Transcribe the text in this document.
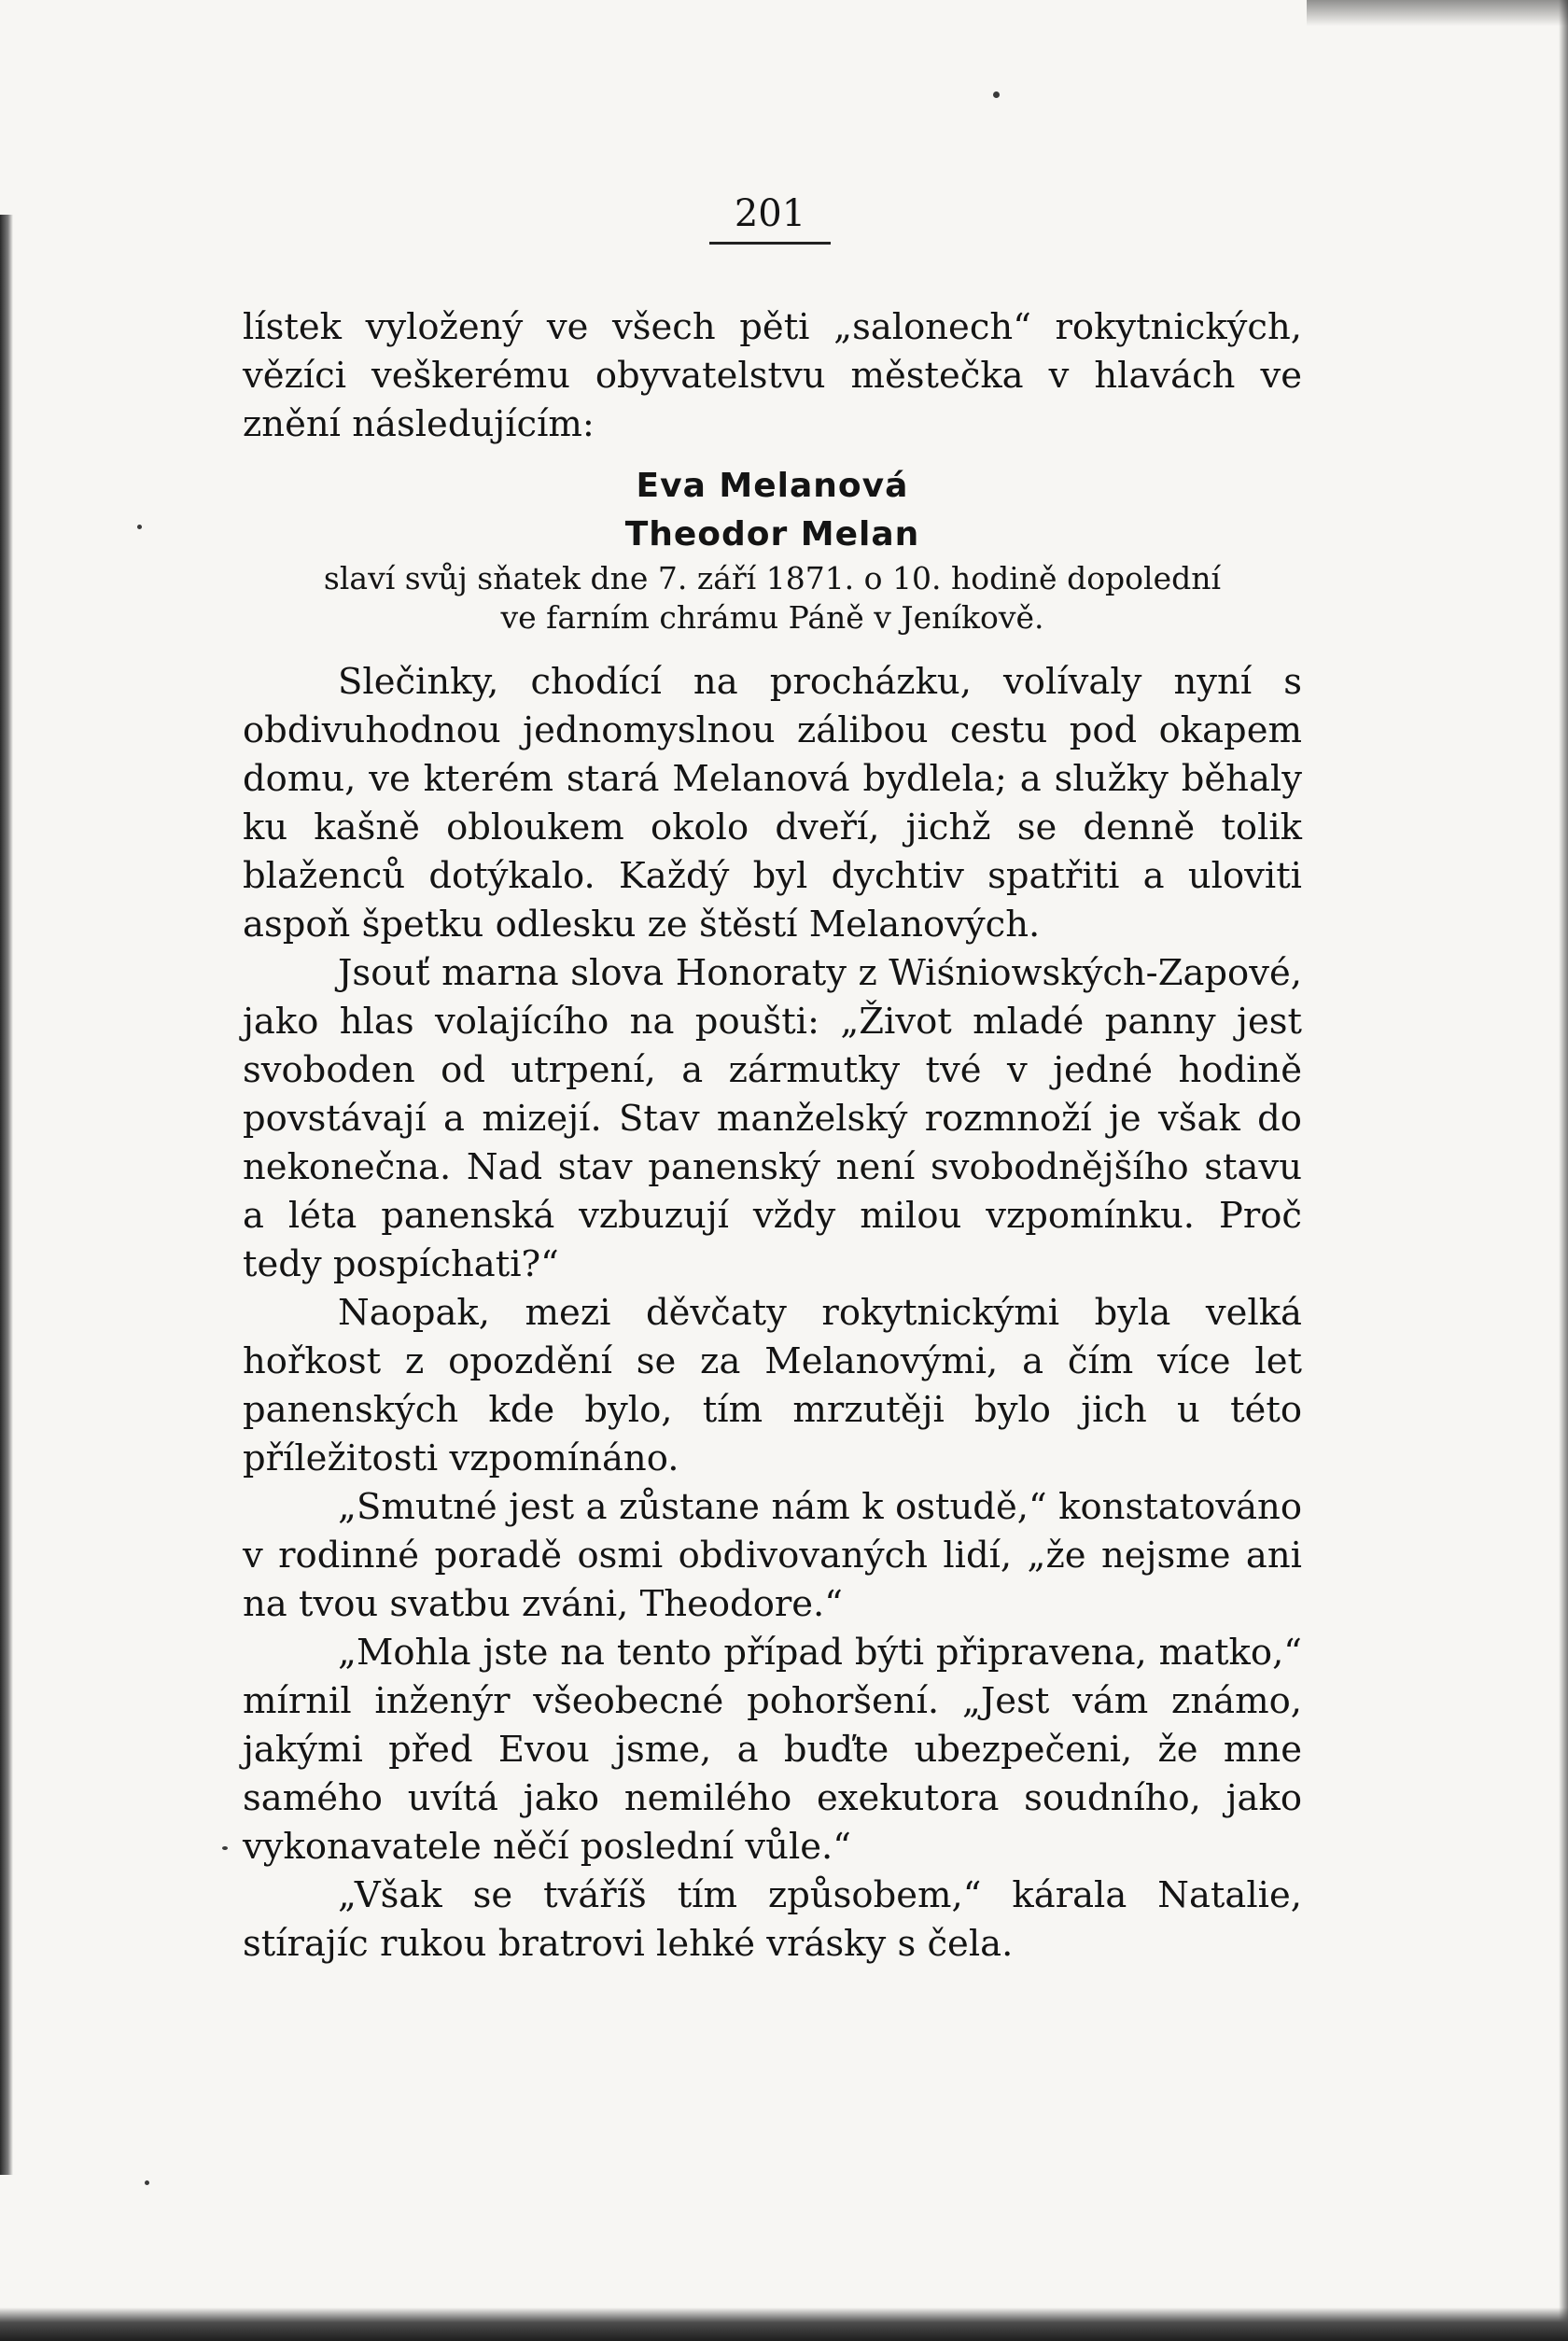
201

lístek vyložený ve všech pěti „salonech“ rokytnických, vězíci veškerému obyvatelstvu městečka v hlavách ve znění následujícím:

Eva Melanová

Theodor Melan

slaví svůj sňatek dne 7. září 1871. o 10. hodině dopolední

ve farním chrámu Páně v Jeníkově.

Slečinky, chodící na procházku, volívaly nyní s obdivuhodnou jednomyslnou zálibou cestu pod okapem domu, ve kterém stará Melanová bydlela; a služky běhaly ku kašně obloukem okolo dveří, jichž se denně tolik blaženců dotýkalo. Každý byl dychtiv spatřiti a uloviti aspoň špetku odlesku ze štěstí Melanových.

Jsouť marna slova Honoraty z Wiśniowských-Zapové, jako hlas volajícího na poušti: „Život mladé panny jest svoboden od utrpení, a zármutky tvé v jedné hodině povstávají a mizejí. Stav manželský rozmnoží je však do nekonečna. Nad stav panenský není svobodnějšího stavu a léta panenská vzbuzují vždy milou vzpomínku. Proč tedy pospíchati?“

Naopak, mezi děvčaty rokytnickými byla velká hořkost z opozdění se za Melanovými, a čím více let panenských kde bylo, tím mrzutěji bylo jich u této příležitosti vzpomínáno.

„Smutné jest a zůstane nám k ostudě,“ konstatováno v rodinné poradě osmi obdivovaných lidí, „že nejsme ani na tvou svatbu zváni, Theodore.“

„Mohla jste na tento případ býti připravena, matko,“ mírnil inženýr všeobecné pohoršení. „Jest vám známo, jakými před Evou jsme, a buďte ubezpečeni, že mne samého uvítá jako nemilého exekutora soudního, jako vykonavatele něčí poslední vůle.“

„Však se tváříš tím způsobem,“ kárala Natalie, stírajíc rukou bratrovi lehké vrásky s čela.
